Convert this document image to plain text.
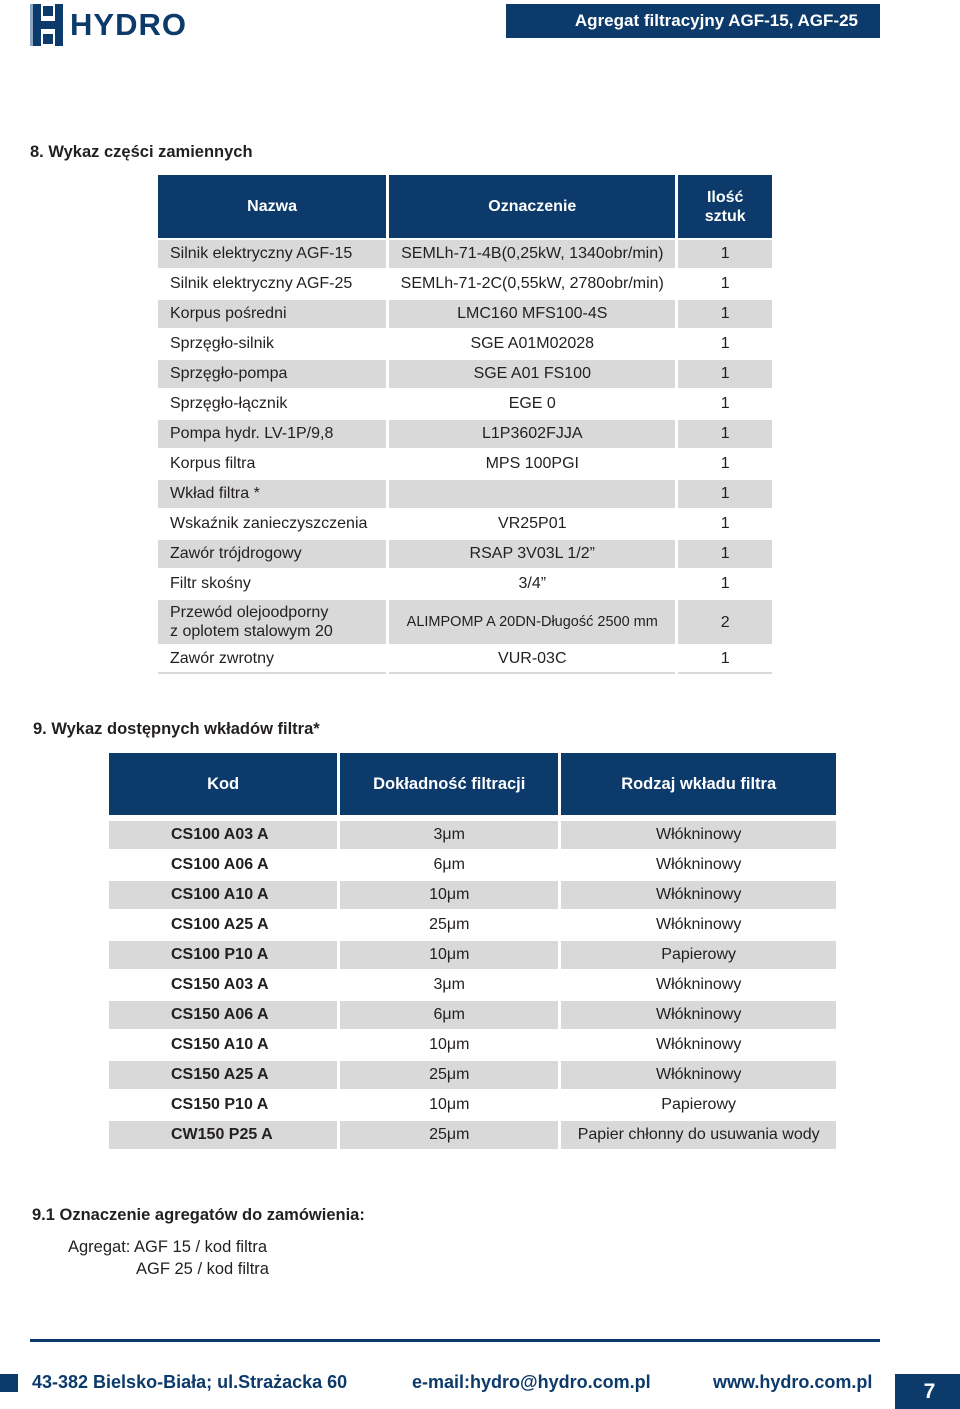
HYDRO	Agregat filtracyjny AGF-15, AGF-25
8. Wykaz części zamiennych
Nazwa	Oznaczenie	Ilość sztuk

Silnik elektryczny AGF-15	SEMLh-71-4B(0,25kW, 1340obr/min)	1
Silnik elektryczny AGF-25	SEMLh-71-2C(0,55kW, 2780obr/min)	1
Korpus pośredni	LMC160 MFS100-4S	1
Sprzęgło-silnik	SGE A01M02028	1
Sprzęgło-pompa	SGE A01 FS100	1
Sprzęgło-łącznik	EGE 0	1
Pompa hydr. LV-1P/9,8	L1P3602FJJA	1
Korpus filtra	MPS 100PGI	1
Wkład filtra *		1
Wskaźnik zanieczyszczenia	VR25P01	1
Zawór trójdrogowy	RSAP 3V03L 1/2”	1
Filtr skośny	3/4”	1

Przewód olejoodporny
z oplotem stalowym 20	ALIMPOMP A 20DN-Długość 2500 mm	2
Zawór zwrotny	VUR-03C	1
9. Wykaz dostępnych wkładów filtra*
Kod	Dokładność filtracji	Rodzaj wkładu filtra

CS100 A03 A	3μm	Włókninowy
CS100 A06 A	6μm	Włókninowy
CS100 A10 A	10μm	Włókninowy
CS100 A25 A	25μm	Włókninowy
CS100 P10 A	10μm	Papierowy
CS150 A03 A	3μm	Włókninowy
CS150 A06 A	6μm	Włókninowy
CS150 A10 A	10μm	Włókninowy
CS150 A25 A	25μm	Włókninowy
CS150 P10 A	10μm	Papierowy
CW150 P25 A	25μm	Papier chłonny do usuwania wody
9.1 Oznaczenie agregatów do zamówienia:
Agregat: AGF 15 / kod filtra
AGF 25 / kod filtra
43-382 Bielsko-Biała; ul.Strażacka 60	e-mail:hydro@hydro.com.pl	www.hydro.com.pl	7
